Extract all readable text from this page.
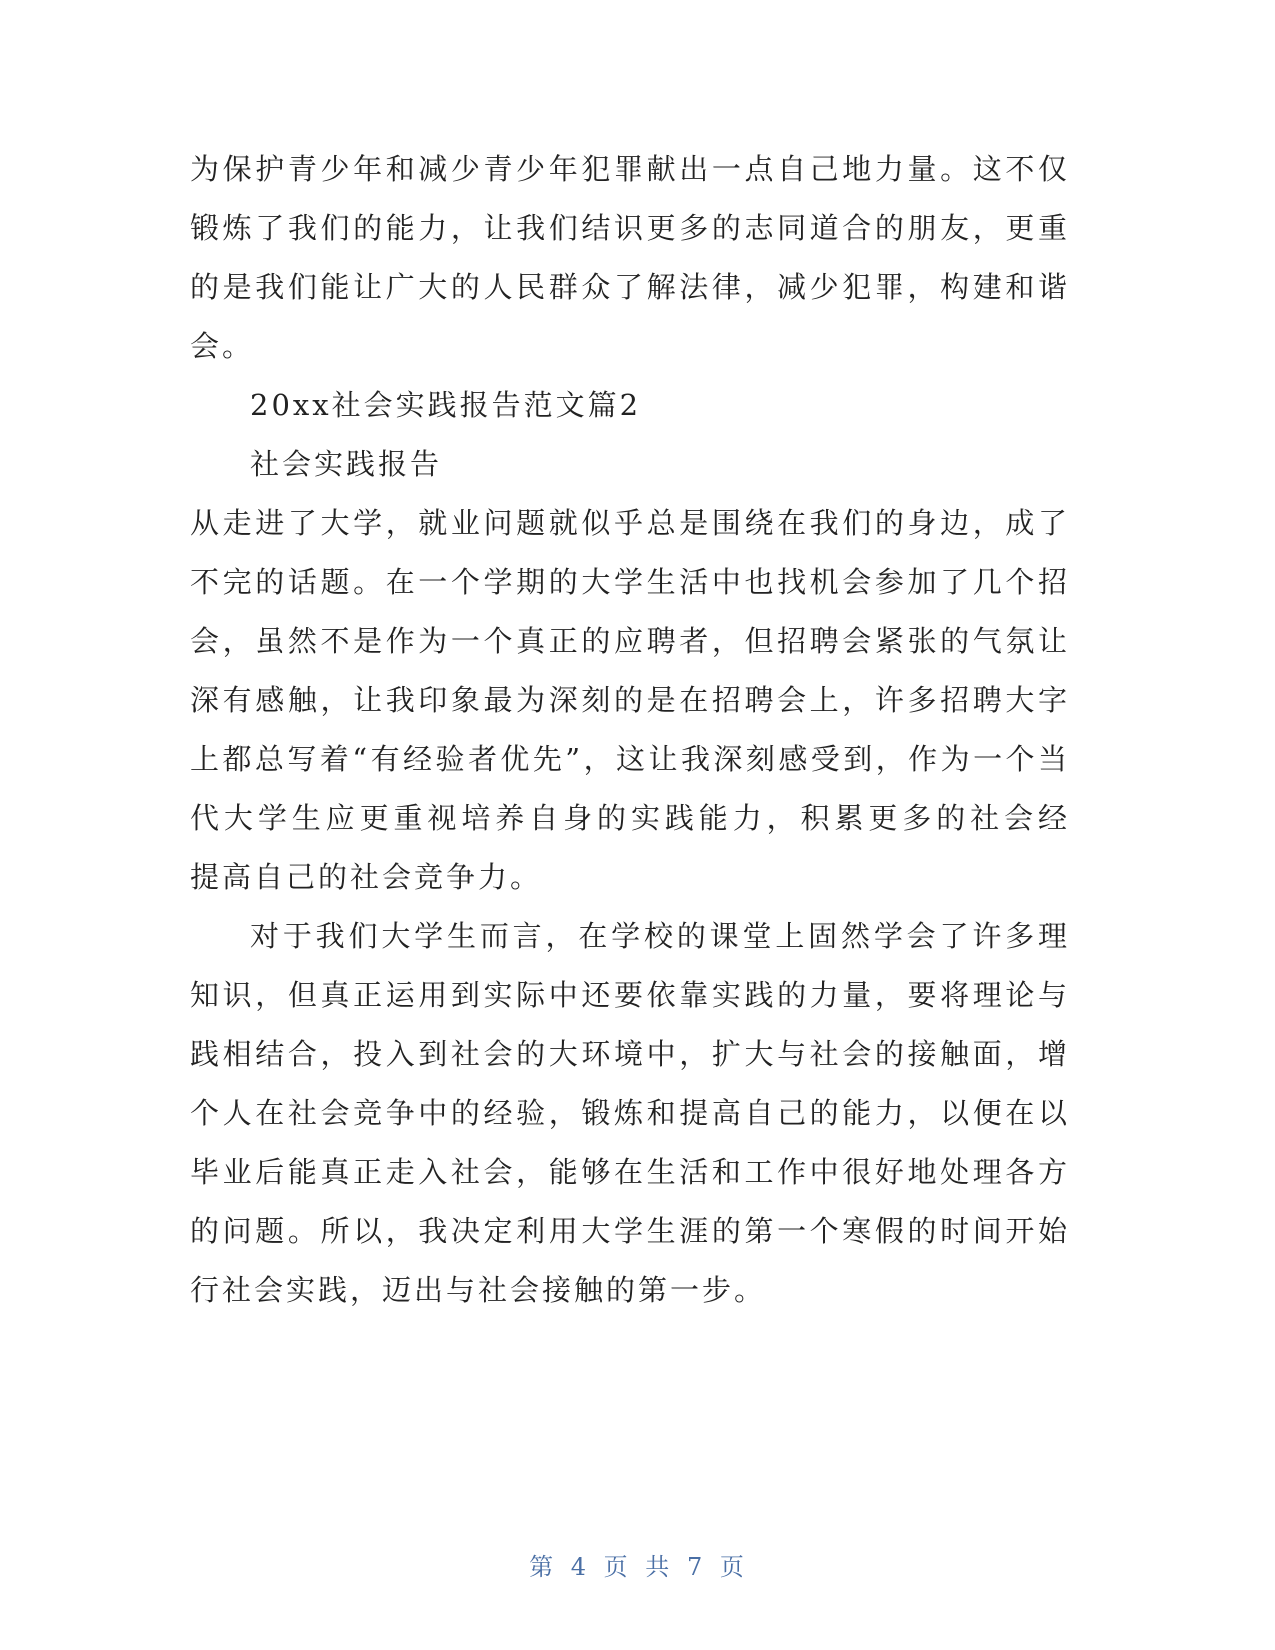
为保护青少年和减少青少年犯罪献出一点自己地力量。这不仅
锻炼了我们的能力，让我们结识更多的志同道合的朋友，更重
的是我们能让广大的人民群众了解法律，减少犯罪，构建和谐
会。
20xx社会实践报告范文篇2
社会实践报告
从走进了大学，就业问题就似乎总是围绕在我们的身边，成了
不完的话题。在一个学期的大学生活中也找机会参加了几个招
会，虽然不是作为一个真正的应聘者，但招聘会紧张的气氛让
深有感触，让我印象最为深刻的是在招聘会上，许多招聘大字
上都总写着“有经验者优先”，这让我深刻感受到，作为一个当
代大学生应更重视培养自身的实践能力，积累更多的社会经
提高自己的社会竞争力。
对于我们大学生而言，在学校的课堂上固然学会了许多理
知识，但真正运用到实际中还要依靠实践的力量，要将理论与
践相结合，投入到社会的大环境中，扩大与社会的接触面，增
个人在社会竞争中的经验，锻炼和提高自己的能力，以便在以
毕业后能真正走入社会，能够在生活和工作中很好地处理各方
的问题。所以，我决定利用大学生涯的第一个寒假的时间开始
行社会实践，迈出与社会接触的第一步。
第 4 页 共 7 页
